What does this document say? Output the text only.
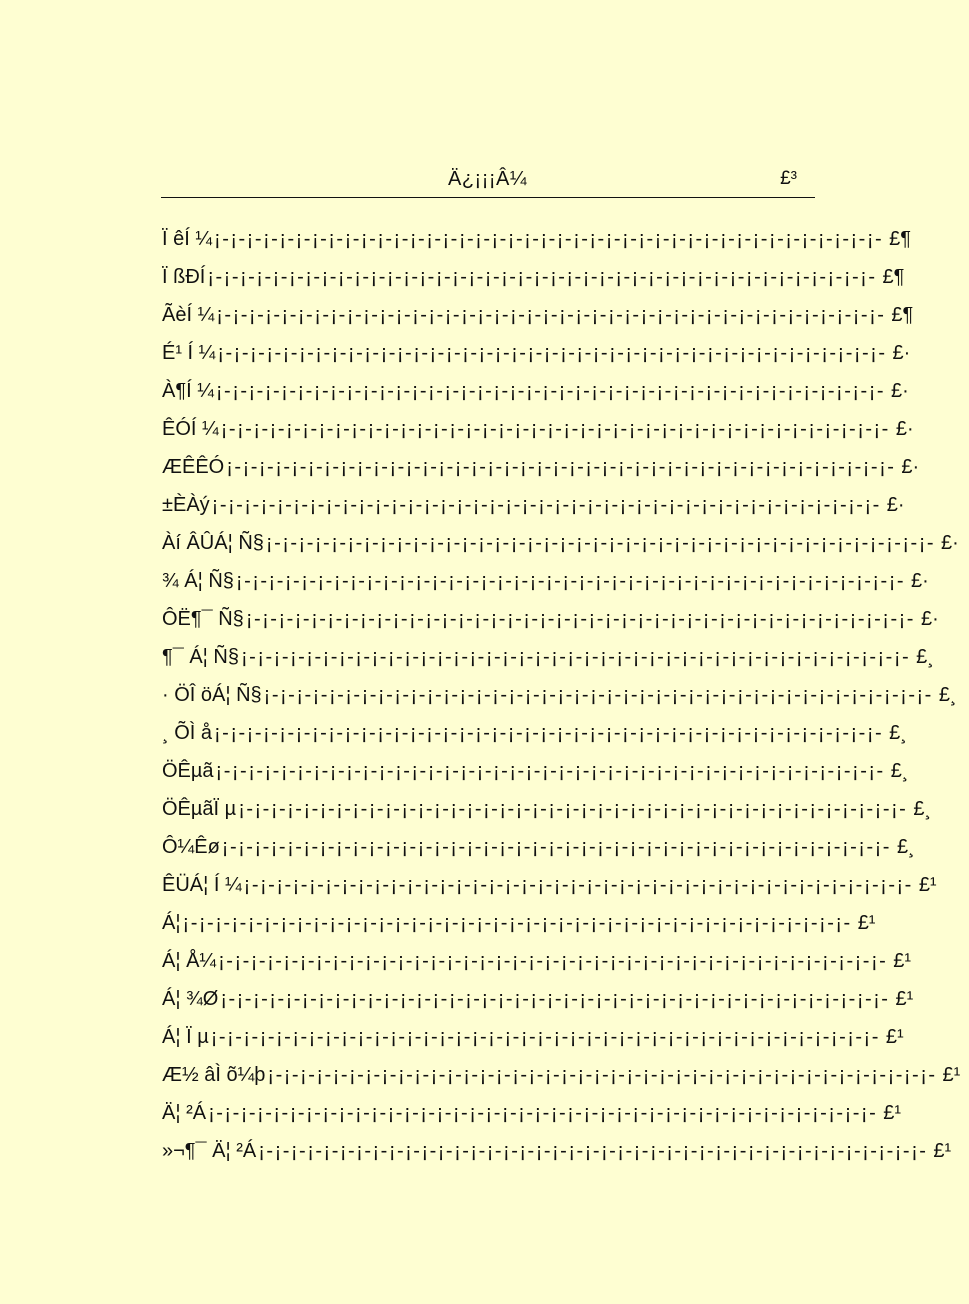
Ä¿¡¡¡Â¼	£³
Ï êÍ ¼ ¡-¡-¡-¡-¡-¡-¡-¡-¡-¡-¡-¡-¡-¡-¡-¡-¡-¡-¡-¡-¡-¡-¡-¡-¡-¡-¡-¡-¡-¡-¡-¡-¡-¡-¡-¡-¡-¡-¡-¡-¡- £¶
Ï ßÐÍ ¡-¡-¡-¡-¡-¡-¡-¡-¡-¡-¡-¡-¡-¡-¡-¡-¡-¡-¡-¡-¡-¡-¡-¡-¡-¡-¡-¡-¡-¡-¡-¡-¡-¡-¡-¡-¡-¡-¡-¡-¡- £¶
ÃèÍ ¼ ¡-¡-¡-¡-¡-¡-¡-¡-¡-¡-¡-¡-¡-¡-¡-¡-¡-¡-¡-¡-¡-¡-¡-¡-¡-¡-¡-¡-¡-¡-¡-¡-¡-¡-¡-¡-¡-¡-¡-¡-¡- £¶
É¹ Í ¼ ¡-¡-¡-¡-¡-¡-¡-¡-¡-¡-¡-¡-¡-¡-¡-¡-¡-¡-¡-¡-¡-¡-¡-¡-¡-¡-¡-¡-¡-¡-¡-¡-¡-¡-¡-¡-¡-¡-¡-¡-¡- £·
À¶Í ¼ ¡-¡-¡-¡-¡-¡-¡-¡-¡-¡-¡-¡-¡-¡-¡-¡-¡-¡-¡-¡-¡-¡-¡-¡-¡-¡-¡-¡-¡-¡-¡-¡-¡-¡-¡-¡-¡-¡-¡-¡-¡- £·
ÊÓÍ ¼ ¡-¡-¡-¡-¡-¡-¡-¡-¡-¡-¡-¡-¡-¡-¡-¡-¡-¡-¡-¡-¡-¡-¡-¡-¡-¡-¡-¡-¡-¡-¡-¡-¡-¡-¡-¡-¡-¡-¡-¡-¡- £·
ÆÊÊÓ ¡-¡-¡-¡-¡-¡-¡-¡-¡-¡-¡-¡-¡-¡-¡-¡-¡-¡-¡-¡-¡-¡-¡-¡-¡-¡-¡-¡-¡-¡-¡-¡-¡-¡-¡-¡-¡-¡-¡-¡-¡- £·
±ÈÀý ¡-¡-¡-¡-¡-¡-¡-¡-¡-¡-¡-¡-¡-¡-¡-¡-¡-¡-¡-¡-¡-¡-¡-¡-¡-¡-¡-¡-¡-¡-¡-¡-¡-¡-¡-¡-¡-¡-¡-¡-¡- £·
Àí ÂÛÁ¦ Ñ§ ¡-¡-¡-¡-¡-¡-¡-¡-¡-¡-¡-¡-¡-¡-¡-¡-¡-¡-¡-¡-¡-¡-¡-¡-¡-¡-¡-¡-¡-¡-¡-¡-¡-¡-¡-¡-¡-¡-¡-¡-¡- £·
¾ Á¦ Ñ§ ¡-¡-¡-¡-¡-¡-¡-¡-¡-¡-¡-¡-¡-¡-¡-¡-¡-¡-¡-¡-¡-¡-¡-¡-¡-¡-¡-¡-¡-¡-¡-¡-¡-¡-¡-¡-¡-¡-¡-¡-¡- £·
ÔË¶¯ Ñ§ ¡-¡-¡-¡-¡-¡-¡-¡-¡-¡-¡-¡-¡-¡-¡-¡-¡-¡-¡-¡-¡-¡-¡-¡-¡-¡-¡-¡-¡-¡-¡-¡-¡-¡-¡-¡-¡-¡-¡-¡-¡- £·
¶¯ Á¦ Ñ§ ¡-¡-¡-¡-¡-¡-¡-¡-¡-¡-¡-¡-¡-¡-¡-¡-¡-¡-¡-¡-¡-¡-¡-¡-¡-¡-¡-¡-¡-¡-¡-¡-¡-¡-¡-¡-¡-¡-¡-¡-¡- £¸
· ÖÎ öÁ¦ Ñ§ ¡-¡-¡-¡-¡-¡-¡-¡-¡-¡-¡-¡-¡-¡-¡-¡-¡-¡-¡-¡-¡-¡-¡-¡-¡-¡-¡-¡-¡-¡-¡-¡-¡-¡-¡-¡-¡-¡-¡-¡-¡- £¸
¸ ÕÌ å ¡-¡-¡-¡-¡-¡-¡-¡-¡-¡-¡-¡-¡-¡-¡-¡-¡-¡-¡-¡-¡-¡-¡-¡-¡-¡-¡-¡-¡-¡-¡-¡-¡-¡-¡-¡-¡-¡-¡-¡-¡- £¸
ÖÊµã ¡-¡-¡-¡-¡-¡-¡-¡-¡-¡-¡-¡-¡-¡-¡-¡-¡-¡-¡-¡-¡-¡-¡-¡-¡-¡-¡-¡-¡-¡-¡-¡-¡-¡-¡-¡-¡-¡-¡-¡-¡- £¸
ÖÊµãÏ µ ¡-¡-¡-¡-¡-¡-¡-¡-¡-¡-¡-¡-¡-¡-¡-¡-¡-¡-¡-¡-¡-¡-¡-¡-¡-¡-¡-¡-¡-¡-¡-¡-¡-¡-¡-¡-¡-¡-¡-¡-¡- £¸
Ô¼Êø ¡-¡-¡-¡-¡-¡-¡-¡-¡-¡-¡-¡-¡-¡-¡-¡-¡-¡-¡-¡-¡-¡-¡-¡-¡-¡-¡-¡-¡-¡-¡-¡-¡-¡-¡-¡-¡-¡-¡-¡-¡- £¸
ÊÜÁ¦ Í ¼ ¡-¡-¡-¡-¡-¡-¡-¡-¡-¡-¡-¡-¡-¡-¡-¡-¡-¡-¡-¡-¡-¡-¡-¡-¡-¡-¡-¡-¡-¡-¡-¡-¡-¡-¡-¡-¡-¡-¡-¡-¡- £¹
Á¦ ¡-¡-¡-¡-¡-¡-¡-¡-¡-¡-¡-¡-¡-¡-¡-¡-¡-¡-¡-¡-¡-¡-¡-¡-¡-¡-¡-¡-¡-¡-¡-¡-¡-¡-¡-¡-¡-¡-¡-¡-¡- £¹
Á¦ Å¼ ¡-¡-¡-¡-¡-¡-¡-¡-¡-¡-¡-¡-¡-¡-¡-¡-¡-¡-¡-¡-¡-¡-¡-¡-¡-¡-¡-¡-¡-¡-¡-¡-¡-¡-¡-¡-¡-¡-¡-¡-¡- £¹
Á¦ ¾Ø ¡-¡-¡-¡-¡-¡-¡-¡-¡-¡-¡-¡-¡-¡-¡-¡-¡-¡-¡-¡-¡-¡-¡-¡-¡-¡-¡-¡-¡-¡-¡-¡-¡-¡-¡-¡-¡-¡-¡-¡-¡- £¹
Á¦ Ï µ ¡-¡-¡-¡-¡-¡-¡-¡-¡-¡-¡-¡-¡-¡-¡-¡-¡-¡-¡-¡-¡-¡-¡-¡-¡-¡-¡-¡-¡-¡-¡-¡-¡-¡-¡-¡-¡-¡-¡-¡-¡- £¹
Æ½ âÌ õ¼þ ¡-¡-¡-¡-¡-¡-¡-¡-¡-¡-¡-¡-¡-¡-¡-¡-¡-¡-¡-¡-¡-¡-¡-¡-¡-¡-¡-¡-¡-¡-¡-¡-¡-¡-¡-¡-¡-¡-¡-¡-¡- £¹
Ä¦ ²Á ¡-¡-¡-¡-¡-¡-¡-¡-¡-¡-¡-¡-¡-¡-¡-¡-¡-¡-¡-¡-¡-¡-¡-¡-¡-¡-¡-¡-¡-¡-¡-¡-¡-¡-¡-¡-¡-¡-¡-¡-¡- £¹
»¬¶¯ Ä¦ ²Á ¡-¡-¡-¡-¡-¡-¡-¡-¡-¡-¡-¡-¡-¡-¡-¡-¡-¡-¡-¡-¡-¡-¡-¡-¡-¡-¡-¡-¡-¡-¡-¡-¡-¡-¡-¡-¡-¡-¡-¡-¡- £¹
